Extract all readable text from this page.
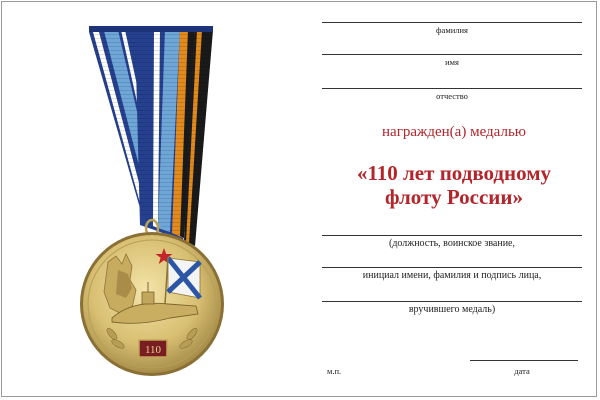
110
фамилия
имя
отчество
награжден(а) медалью
«110 лет подводному флоту России»
(должность, воинское звание,
инициал имени, фамилия и подпись лица,
вручившего медаль)
м.п.	дата
